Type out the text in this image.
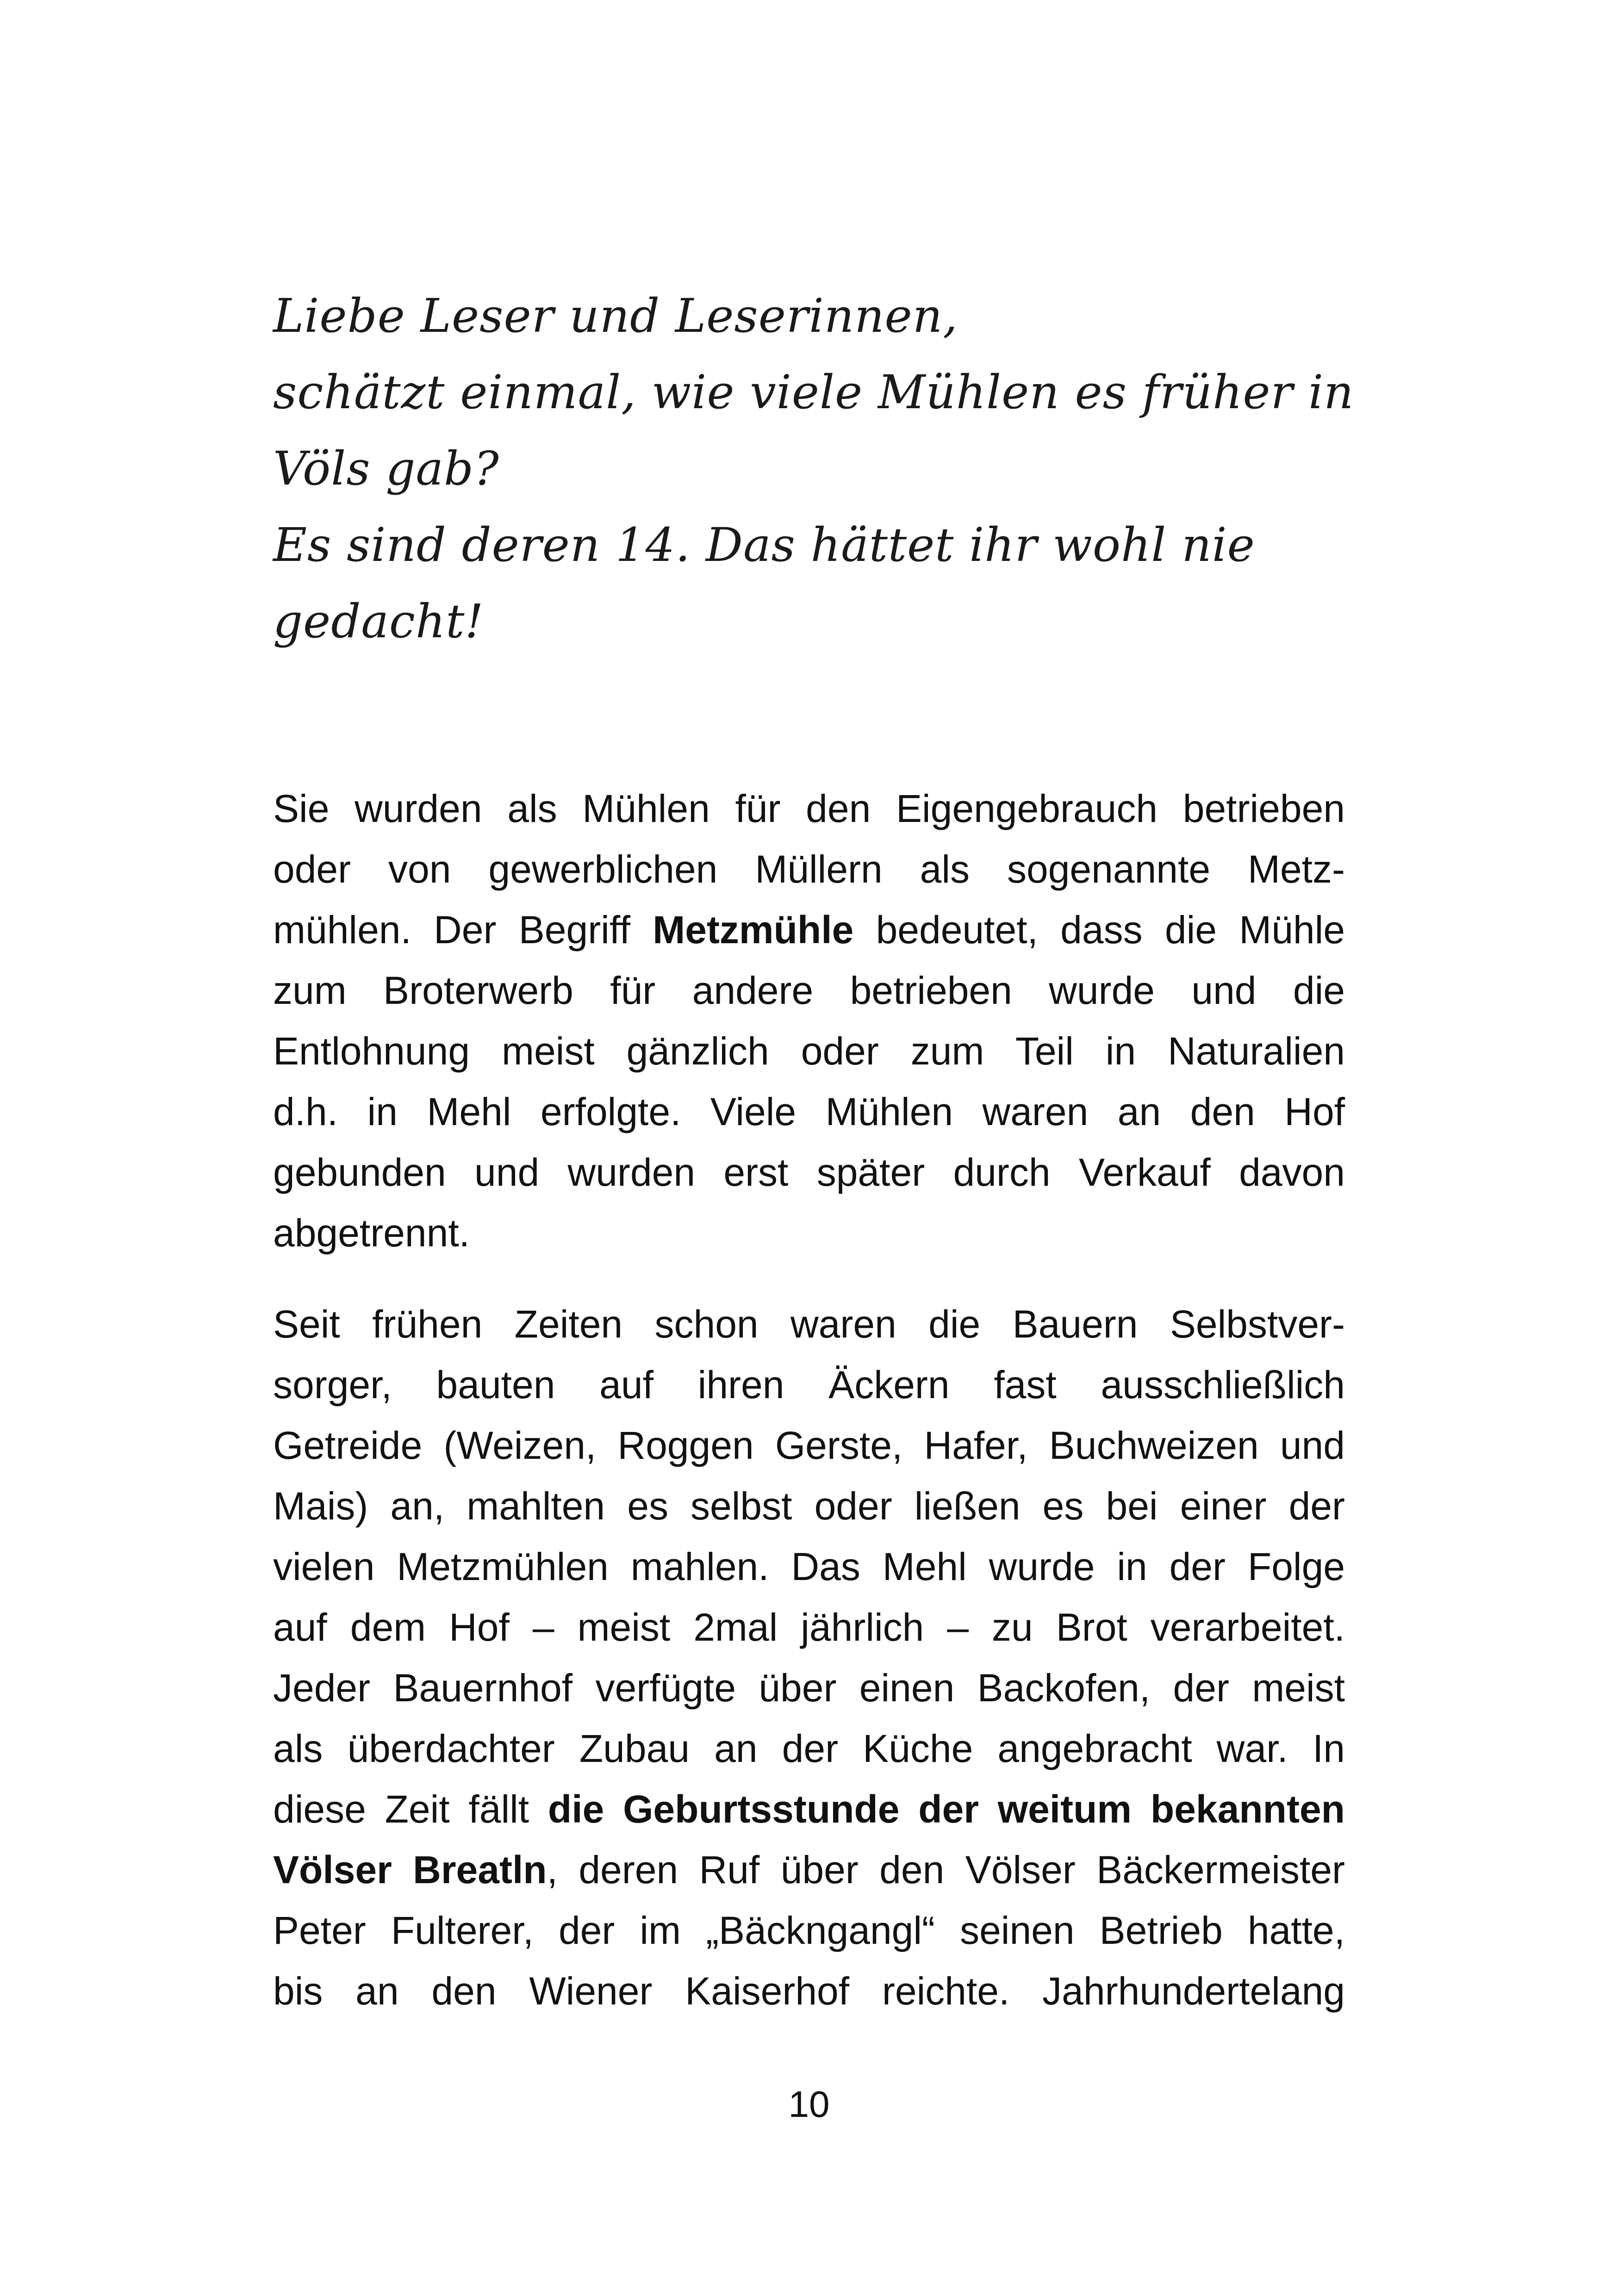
Liebe Leser und Leserinnen,
schätzt einmal, wie viele Mühlen es früher in
Völs gab?
Es sind deren 14. Das hättet ihr wohl nie
gedacht!
Sie wurden als Mühlen für den Eigengebrauch betrieben
oder von gewerblichen Müllern als sogenannte Metz-
mühlen. Der Begriff Metzmühle bedeutet, dass die Mühle
zum Broterwerb für andere betrieben wurde und die
Entlohnung meist gänzlich oder zum Teil in Naturalien
d.h. in Mehl erfolgte. Viele Mühlen waren an den Hof
gebunden und wurden erst später durch Verkauf davon
abgetrennt.
Seit frühen Zeiten schon waren die Bauern Selbstver-
sorger, bauten auf ihren Äckern fast ausschließlich
Getreide (Weizen, Roggen Gerste, Hafer, Buchweizen und
Mais) an, mahlten es selbst oder ließen es bei einer der
vielen Metzmühlen mahlen. Das Mehl wurde in der Folge
auf dem Hof – meist 2mal jährlich – zu Brot verarbeitet.
Jeder Bauernhof verfügte über einen Backofen, der meist
als überdachter Zubau an der Küche angebracht war. In
diese Zeit fällt die Geburtsstunde der weitum bekannten
Völser Breatln, deren Ruf über den Völser Bäckermeister
Peter Fulterer, der im „Bäckngangl“ seinen Betrieb hatte,
bis an den Wiener Kaiserhof reichte. Jahrhundertelang
10
